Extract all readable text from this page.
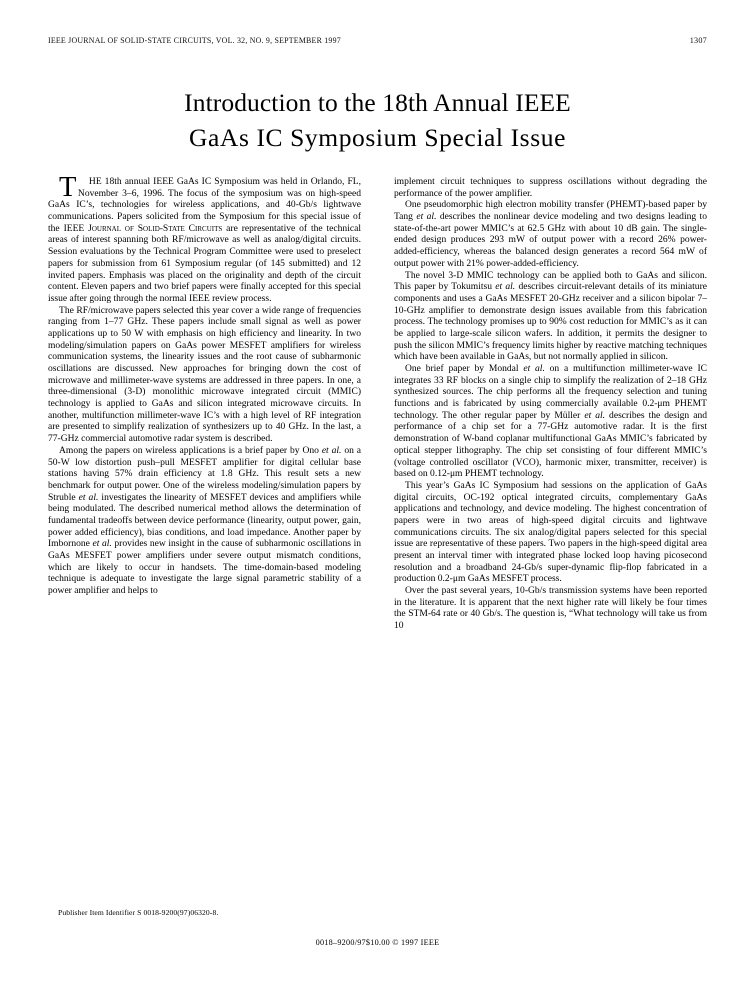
IEEE JOURNAL OF SOLID-STATE CIRCUITS, VOL. 32, NO. 9, SEPTEMBER 1997	1307
Introduction to the 18th Annual IEEE
GaAs IC Symposium Special Issue

T HE 18th annual IEEE GaAs IC Symposium was held in Orlando, FL, November 3–6, 1996. The focus of the symposium was on high-speed GaAs IC’s, technologies for wireless applications, and 40-Gb/s lightwave communications. Papers solicited from the Symposium for this special issue of the IEEE Journal of Solid-State Circuits are representative of the technical areas of interest spanning both RF/microwave as well as analog/digital circuits. Session evaluations by the Technical Program Committee were used to preselect papers for submission from 61 Symposium regular (of 145 submitted) and 12 invited papers. Emphasis was placed on the originality and depth of the circuit content. Eleven papers and two brief papers were finally accepted for this special issue after going through the normal IEEE review process.

The RF/microwave papers selected this year cover a wide range of frequencies ranging from 1–77 GHz. These papers include small signal as well as power applications up to 50 W with emphasis on high efficiency and linearity. In two modeling/simulation papers on GaAs power MESFET amplifiers for wireless communication systems, the linearity issues and the root cause of subharmonic oscillations are discussed. New approaches for bringing down the cost of microwave and millimeter-wave systems are addressed in three papers. In one, a three-dimensional (3-D) monolithic microwave integrated circuit (MMIC) technology is applied to GaAs and silicon integrated microwave circuits. In another, multifunction millimeter-wave IC’s with a high level of RF integration are presented to simplify realization of synthesizers up to 40 GHz. In the last, a 77-GHz commercial automotive radar system is described.

Among the papers on wireless applications is a brief paper by Ono et al. on a 50-W low distortion push–pull MESFET amplifier for digital cellular base stations having 57% drain efficiency at 1.8 GHz. This result sets a new benchmark for output power. One of the wireless modeling/simulation papers by Struble et al. investigates the linearity of MESFET devices and amplifiers while being modulated. The described numerical method allows the determination of fundamental tradeoffs between device performance (linearity, output power, gain, power added efficiency), bias conditions, and load impedance. Another paper by Imbornone et al. provides new insight in the cause of subharmonic oscillations in GaAs MESFET power amplifiers under severe output mismatch conditions, which are likely to occur in handsets. The time-domain-based modeling technique is adequate to investigate the large signal parametric stability of a power amplifier and helps to

implement circuit techniques to suppress oscillations without degrading the performance of the power amplifier.

One pseudomorphic high electron mobility transfer (PHEMT)-based paper by Tang et al. describes the nonlinear device modeling and two designs leading to state-of-the-art power MMIC’s at 62.5 GHz with about 10 dB gain. The single-ended design produces 293 mW of output power with a record 26% power-added-efficiency, whereas the balanced design generates a record 564 mW of output power with 21% power-added-efficiency.

The novel 3-D MMIC technology can be applied both to GaAs and silicon. This paper by Tokumitsu et al. describes circuit-relevant details of its miniature components and uses a GaAs MESFET 20-GHz receiver and a silicon bipolar 7–10-GHz amplifier to demonstrate design issues available from this fabrication process. The technology promises up to 90% cost reduction for MMIC’s as it can be applied to large-scale silicon wafers. In addition, it permits the designer to push the silicon MMIC’s frequency limits higher by reactive matching techniques which have been available in GaAs, but not normally applied in silicon.

One brief paper by Mondal et al. on a multifunction millimeter-wave IC integrates 33 RF blocks on a single chip to simplify the realization of 2–18 GHz synthesized sources. The chip performs all the frequency selection and tuning functions and is fabricated by using commercially available 0.2-μm PHEMT technology. The other regular paper by Müller et al. describes the design and performance of a chip set for a 77-GHz automotive radar. It is the first demonstration of W-band coplanar multifunctional GaAs MMIC’s fabricated by optical stepper lithography. The chip set consisting of four different MMIC’s (voltage controlled oscillator (VCO), harmonic mixer, transmitter, receiver) is based on 0.12-μm PHEMT technology.

This year’s GaAs IC Symposium had sessions on the application of GaAs digital circuits, OC-192 optical integrated circuits, complementary GaAs applications and technology, and device modeling. The highest concentration of papers were in two areas of high-speed digital circuits and lightwave communications circuits. The six analog/digital papers selected for this special issue are representative of these papers. Two papers in the high-speed digital area present an interval timer with integrated phase locked loop having picosecond resolution and a broadband 24-Gb/s super-dynamic flip-flop fabricated in a production 0.2-μm GaAs MESFET process.

Over the past several years, 10-Gb/s transmission systems have been reported in the literature. It is apparent that the next higher rate will likely be four times the STM-64 rate or 40 Gb/s. The question is, “What technology will take us from 10

Publisher Item Identifier S 0018-9200(97)06320-8.
0018–9200/97$10.00 © 1997 IEEE
